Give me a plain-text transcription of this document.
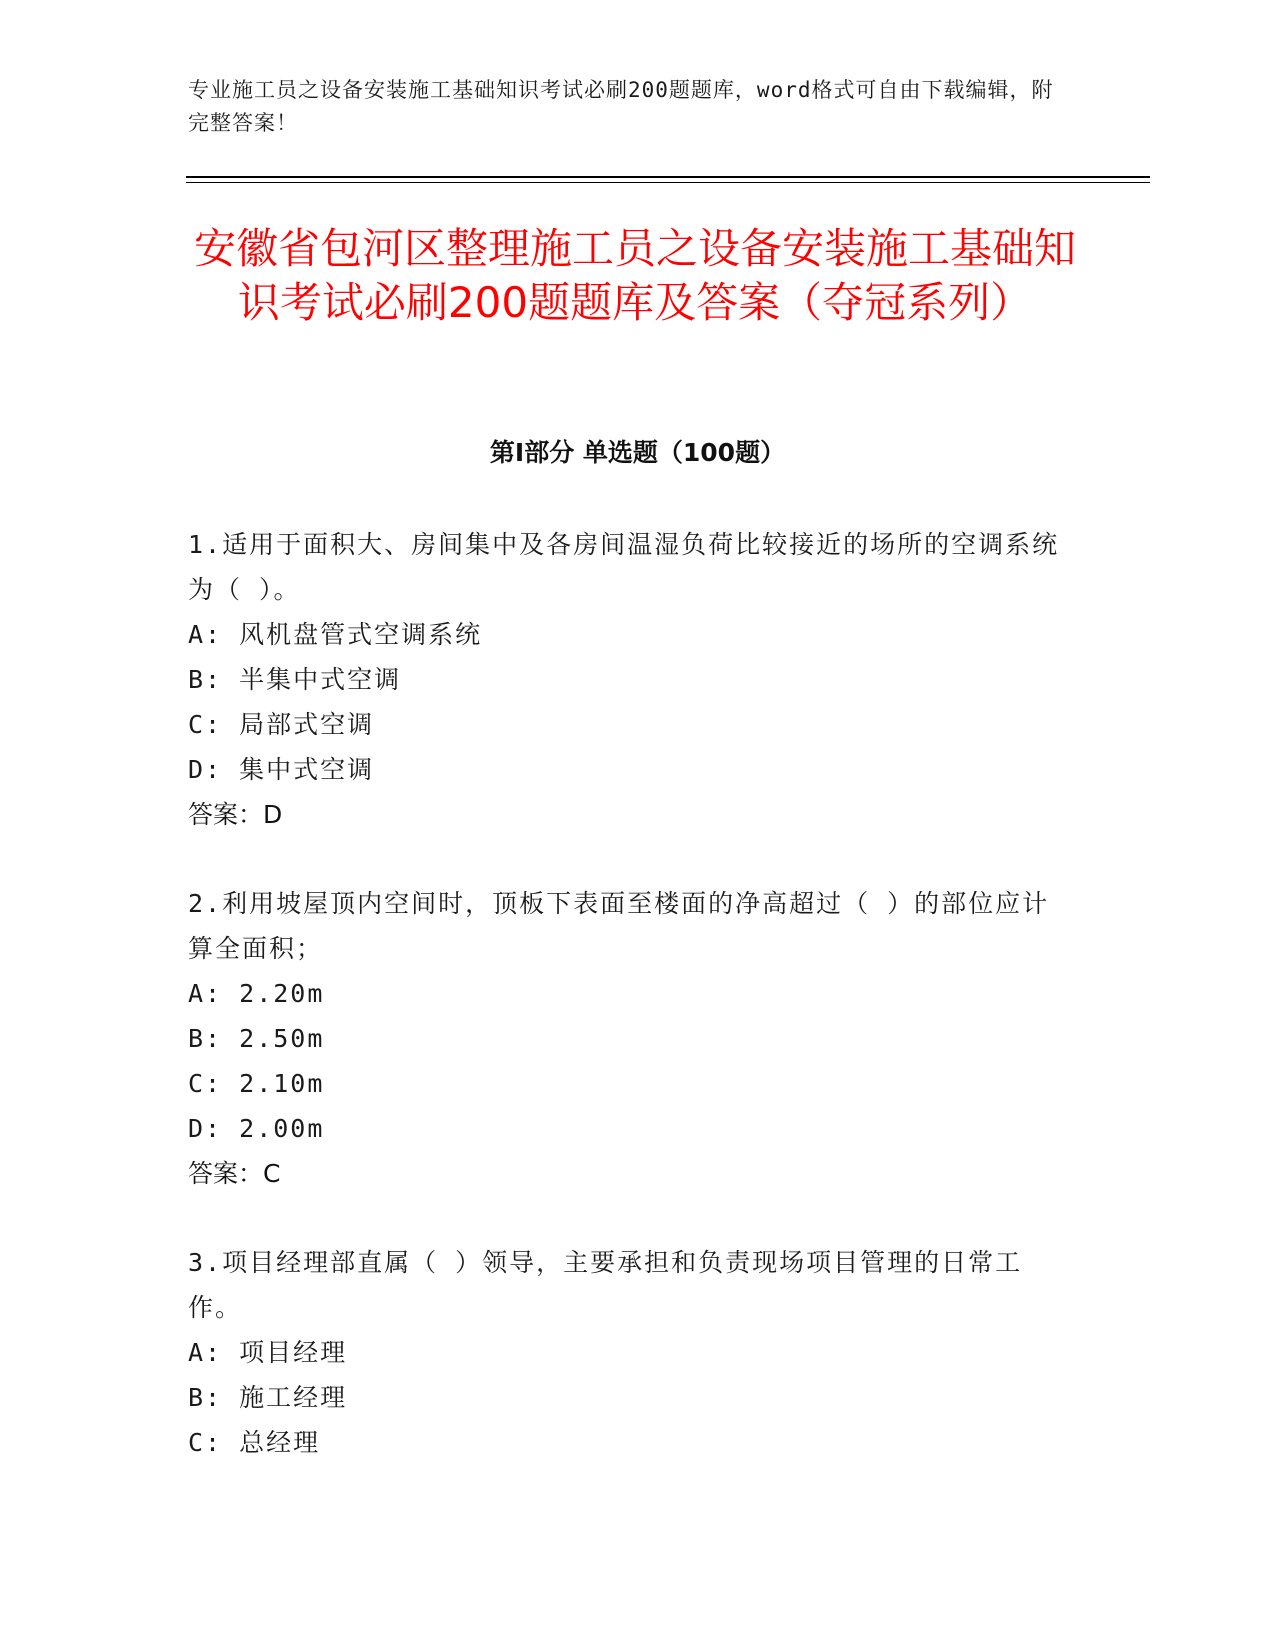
专业施工员之设备安装施工基础知识考试必刷200题题库，word格式可自由下载编辑，附完整答案！
安徽省包河区整理施工员之设备安装施工基础知识考试必刷200题题库及答案（夺冠系列）
第Ⅰ部分 单选题（100题）
1.适用于面积大、房间集中及各房间温湿负荷比较接近的场所的空调系统为（ ）。
A: 风机盘管式空调系统
B: 半集中式空调
C: 局部式空调
D: 集中式空调
答案：D
2.利用坡屋顶内空间时，顶板下表面至楼面的净高超过（ ）的部位应计算全面积；
A: 2.20m
B: 2.50m
C: 2.10m
D: 2.00m
答案：C
3.项目经理部直属（ ）领导，主要承担和负责现场项目管理的日常工作。
A: 项目经理
B: 施工经理
C: 总经理
